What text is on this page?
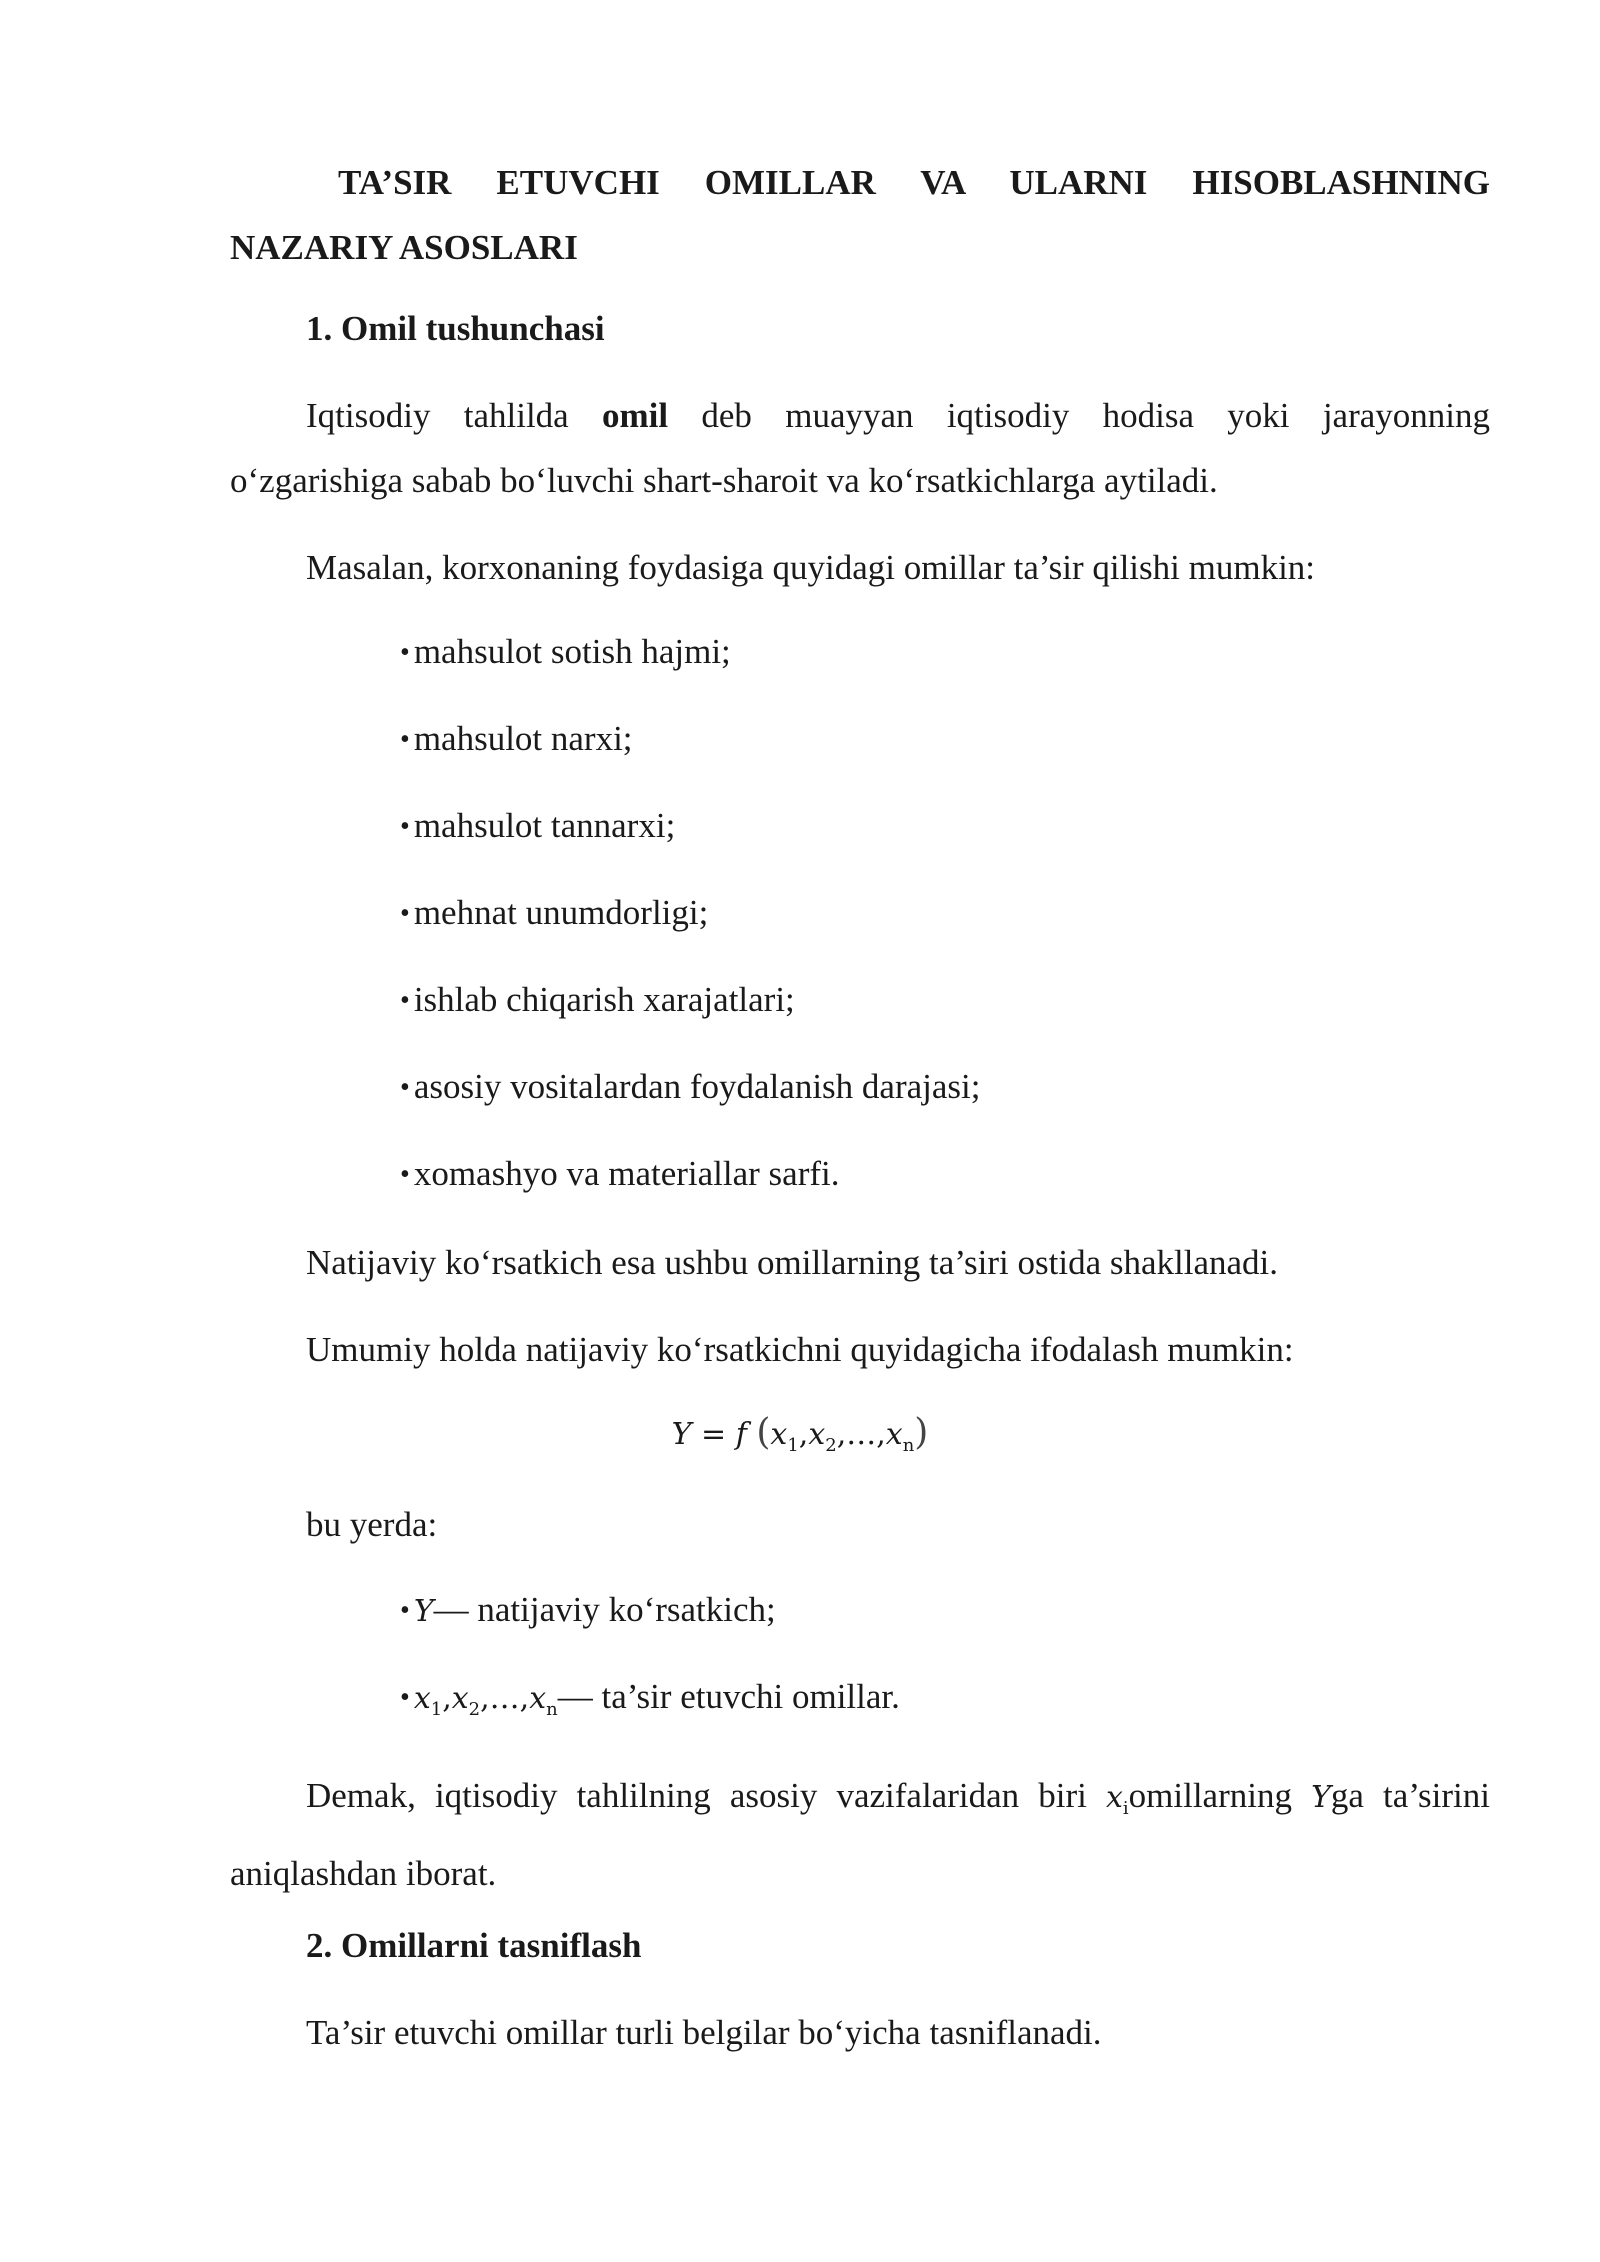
TA’SIR ETUVCHI OMILLAR VA ULARNI HISOBLASHNING
NAZARIY ASOSLARI
1. Omil tushunchasi
Iqtisodiy tahlilda omil deb muayyan iqtisodiy hodisa yoki jarayonning
o‘zgarishiga sabab bo‘luvchi shart-sharoit va ko‘rsatkichlarga aytiladi.
Masalan, korxonaning foydasiga quyidagi omillar ta’sir qilishi mumkin:
• mahsulot sotish hajmi;
• mahsulot narxi;
• mahsulot tannarxi;
• mehnat unumdorligi;
• ishlab chiqarish xarajatlari;
• asosiy vositalardan foydalanish darajasi;
• xomashyo va materiallar sarfi.
Natijaviy ko‘rsatkich esa ushbu omillarning ta’siri ostida shakllanadi.
Umumiy holda natijaviy ko‘rsatkichni quyidagicha ifodalash mumkin:
Y = f $(x_1,x_2,\dots,x_n)$
bu yerda:
• Y— natijaviy ko‘rsatkich;
• $x_1,x_2,\dots,x_n—$ ta’sir etuvchi omillar.
Demak, iqtisodiy tahlilning asosiy vazifalaridan biri $x_iomillarning$ Yga ta’sirini
aniqlashdan iborat.
2. Omillarni tasniflash
Ta’sir etuvchi omillar turli belgilar bo‘yicha tasniflanadi.
